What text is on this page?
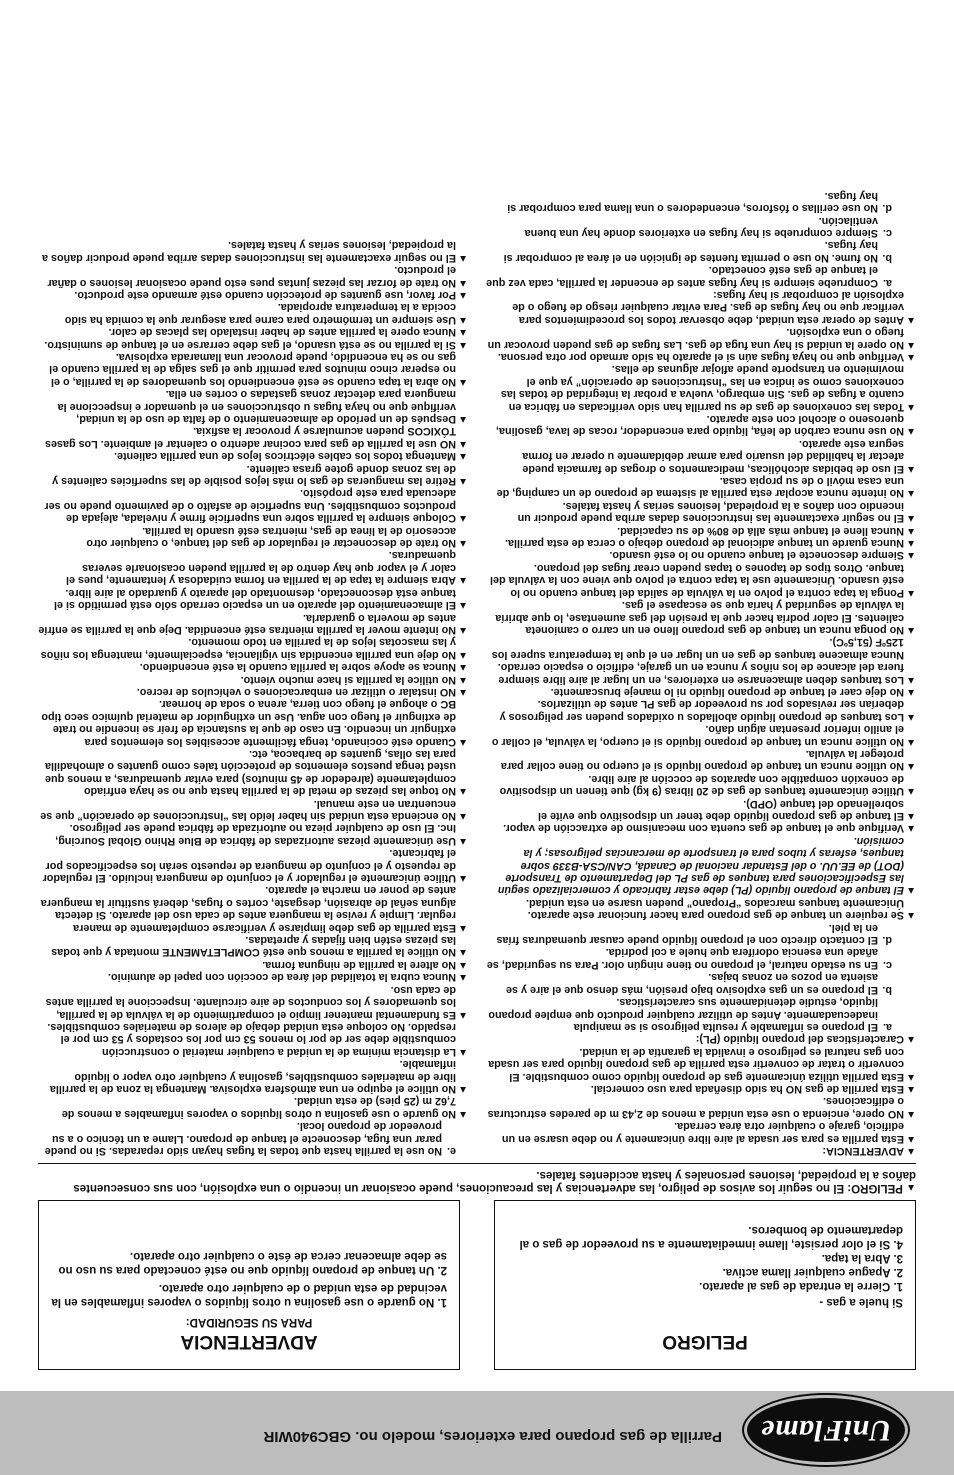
UniFlame
Parrilla de gas propano para exteriores, modelo no. GBC940WIR
PELIGRO
Si huele a gas -
1. Cierre la entrada de gas al aparato.
2. Apague cualquier llama activa.
3. Abra la tapa.
4. Si el olor persiste, llame inmediatamente a su proveedor de gas o al departamento de bomberos.
ADVERTENCIA
PARA SU SEGURIDAD:
1. No guarde o use gasolina u otros líquidos o vapores inflamables en la vecindad de esta unidad o de cualquier otro aparato.
2. Un tanque de propano líquido que no esté conectado para su uso no se debe almacenar cerca de éste o cualquier otro aparato.
▲ PELIGRO: El no seguir los avisos de peligro, las advertencias y las precauciones, puede ocasionar un incendio o una explosión, con sus consecuentes daños a la propiedad, lesiones personales y hasta accidentes fatales.
▲
ADVERTENCIA:
▲
Esta parrilla es para ser usada al aire libre únicamente y no debe usarse en un edificio, garaje o cualquier otra área cerrada.
▲
NO opere, encienda o use esta unidad a menos de 2,43 m de paredes estructuras o edificaciones.
▲
Esta parrilla de gas NO ha sido diseñada para uso comercial.
▲
Esta parrilla utiliza únicamente gas de propano líquido como combustible. El convertir o tratar de convertir esta parrilla de gas propano líquido para ser usada con gas natural es peligroso e invalida la garantía de la unidad.
▲
Características del propano líquido (PL):
a.
El propano es inflamable y resulta peligroso si se manipula inadecuadamente. Antes de utilizar cualquier producto que emplee propano líquido, estudie detenidamente sus características.
b.
El propano es un gas explosivo bajo presión, más denso que el aire y se asienta en pozos en zonas bajas.
c.
En su estado natural, el propano no tiene ningún olor. Para su seguridad, se añade una esencia odorífera que huele a col podrida.
d.
El contacto directo con el propano líquido puede causar quemaduras frías en la piel.
▲
Se requiere un tanque de gas propano para hacer funcionar este aparato. Únicamente tanques marcados “Propano” pueden usarse en esta unidad.
▲
El tanque de propano líquido (PL) debe estar fabricado y comercializado según las Especificaciones para tanques de gas PL del Departamento de Transporte (DOT) de EE.UU. o del Estandar nacional de Canadá, CAN/CSA-B339 sobre tanques, esferas y tubos para el transporte de mercancías peligrosas; y la comisión.
▲
Verifique que el tanque de gas cuenta con mecanismo de extracción de vapor.
▲
El tanque de gas propano líquido debe tener un dispositivo que evite el sobrellenado del tanque (OPD).
▲
Utilice únicamente tanques de gas de 20 libras (9 kg) que tienen un dispositivo de conexión compatible con aparatos de cocción al aire libre.
▲
No utilice nunca un tanque de propano líquido si el cuerpo no tiene collar para proteger la válvula.
▲
No utilice nunca un tanque de propano líquido si el cuerpo, la válvula, el collar o el anillo inferior presentan algún daño.
▲
Los tanques de propano líquido abollados u oxidados pueden ser peligrosos y deberían ser revisados por su proveedor de gas PL antes de utilizarlos.
▲
No deje caer el tanque de propano líquido ni lo maneje bruscamente.
▲
Los tanques deben almacenarse en exteriores, en un lugar al aire libre siempre fuera del alcance de los niños y nunca en un garaje, edificio o espacio cerrado. Nunca almacene tanques de gas en un lugar en el que la temperatura supere los 125ºF (51,5ºC).
▲
No ponga nunca un tanque de gas propano lleno en un carro o camioneta calientes. El calor podría hacer que la presión del gas aumentase, lo que abriría la válvula de seguridad y haría que se escapase el gas.
▲
Ponga la tapa contra el polvo en la válvula de salida del tanque cuando no lo esté usando. Únicamente use la tapa contra el polvo que viene con la válvula del tanque. Otros tipos de tapones o tapas pueden crear fugas del propano.
▲
Siempre desconecte el tanque cuando no lo esté usando.
▲
Nunca guarde un tanque adicional de propano debajo o cerca de esta parrilla.
▲
Nunca llene el tanque más allá de 80% de su capacidad.
▲
El no seguir exactamente las instrucciones dadas arriba puede producir un incendio con daños a la propiedad, lesiones serias y hasta fatales.
▲
No intente nunca acoplar esta parrilla al sistema de propano de un camping, de una casa móvil o de su propia casa.
▲
El uso de bebidas alcohólicas, medicamentos o drogas de farmacia puede afectar la habilidad del usuario para armar debidamente u operar en forma segura este aparato.
▲
No use nunca carbón de leña, líquido para encendedor, rocas de lava, gasolina, queroseno o alcohol con este aparato.
▲
Todas las conexiones de gas de su parrilla han sido verificadas en fábrica en cuanto a fugas de gas. Sin embargo, vuelva a probar la integridad de todas las conexiones como se indica en las “Instrucciones de operación” ya que el movimiento en transporte puede aflojar algunas de ellas.
▲
Verifique que no haya fugas aún si el aparato ha sido armado por otra persona.
▲
No opere la unidad si hay una fuga de gas. Las fugas de gas pueden provocar un fuego o una explosión.
▲
Antes de operar esta unidad, debe observar todos los procedimientos para verificar que no hay fugas de gas. Para evitar cualquier riesgo de fuego o de explosión al comprobar si hay fugas:
a.
Compruebe siempre si hay fugas antes de encender la parrilla, cada vez que el tanque de gas esté conectado.
b.
No fume. No use o permita fuentes de ignición en el área al comprobar si hay fugas.
c.
Siempre compruebe si hay fugas en exteriores donde hay una buena ventilación.
d.
No use cerillas o fósforos, encendedores o una llama para comprobar si hay fugas.
e.
No use la parrilla hasta que todas la fugas hayan sido reparadas. Si no puede parar una fuga, desconecte el tanque de propano. Llame a un técnico o a su proveedor de propano local.
▲
No guarde o use gasolina u otros líquidos o vapores inflamables a menos de 7,62 m (25 pies) de esta unidad.
▲
No utilice el equipo en una atmósfera explosiva. Mantenga la zona de la parrilla libre de materiales combustibles, gasolina y cualquier otro vapor o líquido inflamable.
▲
La distancia mínima de la unidad a cualquier material o construcción combustible debe ser de por lo menos 53 cm por los costados y 53 cm por el respaldo. No coloque esta unidad debajo de aleros de materiales combustibles.
▲
Es fundamental mantener limpio el compartimiento de la válvula de la parrilla, los quemadores y los conductos de aire circulante. Inspeccione la parrilla antes de cada uso.
▲
Nunca cubra la totalidad del área de cocción con papel de aluminio.
▲
No altere la parrilla de ninguna forma.
▲
No utilice la parrilla a menos que esté COMPLETAMENTE montada y que todas las piezas estén bien fijadas y apretadas.
▲
Esta parrilla de gas debe limpiarse y verificarse completamente de manera regular. Limpie y revise la manguera antes de cada uso del aparato. Si detecta alguna señal de abrasión, desgaste, cortes o fugas, deberá sustituir la manguera antes de poner en marcha el aparato.
▲
Utilice únicamente el regulador y el conjunto de manguera incluido. El regulador de repuesto y el conjunto de manguera de repuesto serán los especificados por el fabricante.
▲
Use únicamente piezas autorizadas de fábrica de Blue Rhino Global Sourcing, Inc. El uso de cualquier pieza no autorizada de fábrica puede ser peligroso.
▲
No encienda esta unidad sin haber leído las “Instrucciones de operación” que se encuentran en este manual.
▲
No toque las piezas de metal de la parrilla hasta que no se haya enfriado completamente (alrededor de 45 minutos) para evitar quemaduras, a menos que usted tenga puestos elementos de protección tales como guantes o almohadilla para las ollas, guantes de barbacoa, etc.
▲
Cuando esté cocinando, tenga fácilmente accesibles los elementos para extinguir un incendio. En caso de que la sustancia de freír se incendie no trate de extinguir el fuego con agua. Use un extinguidor de material químico seco tipo BC o ahogue el fuego con tierra, arena o soda de hornear.
▲
NO instalar o utilizar en embarcaciones o vehículos de recreo.
▲
No utilice la parrilla si hace mucho viento.
▲
Nunca se apoye sobre la parrilla cuando la esté encendiendo.
▲
No deje una parrilla encendida sin vigilancia, especialmente, mantenga los niños y las mascotas lejos de la parrilla en todo momento.
▲
No intente mover la parrilla mientras esté encendida. Deje que la parrilla se enfríe antes de moverla o guardarla.
▲
El almacenamiento del aparato en un espacio cerrado sólo está permitido si el tanque está desconectado, desmontado del aparato y guardado al aire libre.
▲
Abra siempre la tapa de la parrilla en forma cuidadosa y lentamente, pues el calor y el vapor que hay dentro de la parrilla pueden ocasionarle severas quemaduras.
▲
No trate de desconectar el regulador de gas del tanque, o cualquier otro accesorio de la línea de gas, mientras esté usando la parrilla.
▲
Coloque siempre la parrilla sobre una superficie firme y nivelada, alejada de productos combustibles. Una superficie de asfalto o de pavimento puede no ser adecuada para este propósito.
▲
Retire las mangueras de gas lo más lejos posible de las superficies calientes y de las zonas donde gotee grasa caliente.
▲
Mantenga todos los cables eléctricos lejos de una parrilla caliente.
▲
NO use la parrilla de gas para cocinar adentro o calentar el ambiente. Los gases TÓXICOS pueden acumularse y provocar la asfixia.
▲
Después de un período de almacenamiento o de falta de uso de la unidad, verifique que no haya fugas u obstrucciones en el quemador e inspeccione la manguera para detectar zonas gastadas o cortes en ella.
▲
No abra la tapa cuando se esté encendiendo los quemadores de la parrilla, o el no esperar cinco minutos para permitir que el gas salga de la parrilla cuando el gas no se ha encendido, puede provocar una llamarada explosiva.
▲
Si la parrilla no se está usando, el gas debe cerrarse en el tanque de suministro.
▲
Nunca opere la parrilla antes de haber instalado las placas de calor.
▲
Use siempre un termómetro para carne para asegurar que la comida ha sido cocida a la temperatura apropiada.
▲
Por favor, use guantes de protección cuando esté armando este producto.
▲
No trate de forzar las piezas juntas pues esto puede ocasionar lesiones o dañar el producto.
▲
El no seguir exactamente las instrucciones dadas arriba puede producir daños a la propiedad, lesiones serias y hasta fatales.
